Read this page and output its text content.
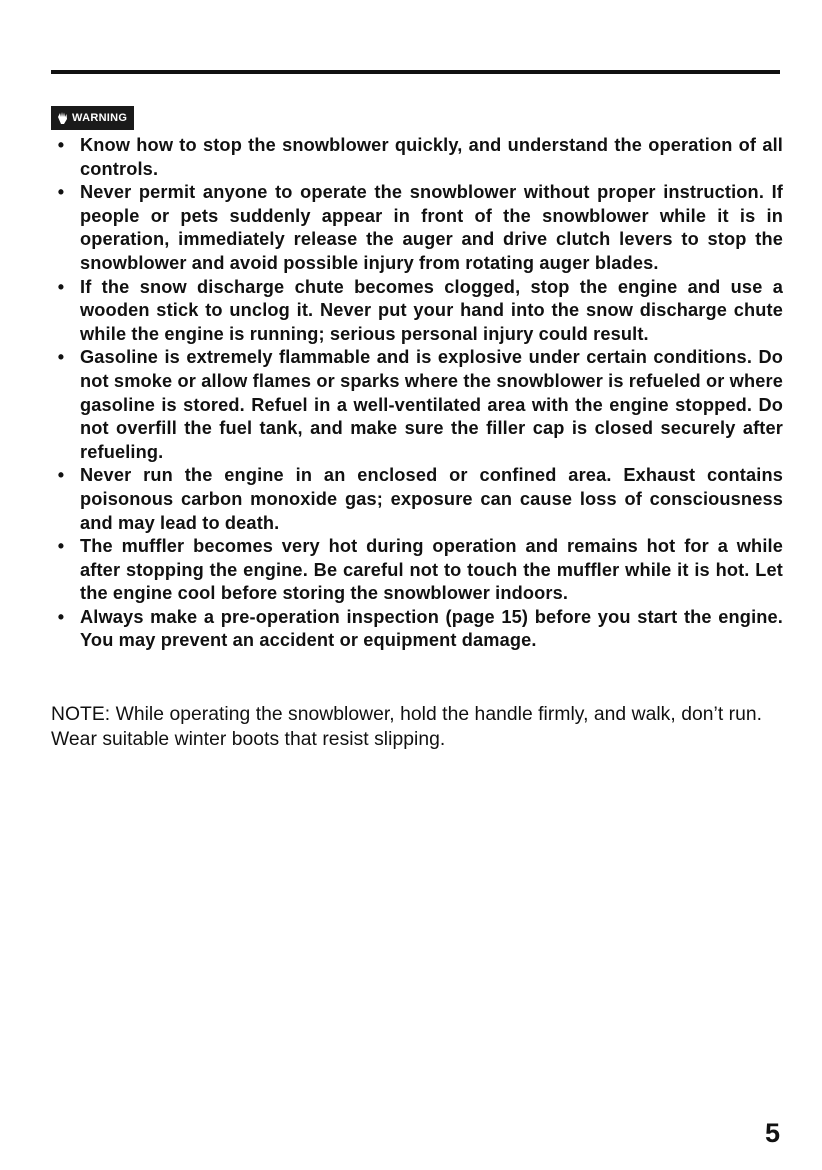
WARNING
• Know how to stop the snowblower quickly, and understand the operation of all controls.
• Never permit anyone to operate the snowblower without proper instruction. If people or pets suddenly appear in front of the snowblower while it is in operation, immediately release the auger and drive clutch levers to stop the snowblower and avoid possible injury from rotating auger blades.
• If the snow discharge chute becomes clogged, stop the engine and use a wooden stick to unclog it. Never put your hand into the snow discharge chute while the engine is running; serious personal injury could result.
• Gasoline is extremely flammable and is explosive under certain conditions. Do not smoke or allow flames or sparks where the snowblower is refueled or where gasoline is stored. Refuel in a well-ventilated area with the engine stopped. Do not overfill the fuel tank, and make sure the filler cap is closed securely after refueling.
• Never run the engine in an enclosed or confined area. Exhaust contains poisonous carbon monoxide gas; exposure can cause loss of consciousness and may lead to death.
• The muffler becomes very hot during operation and remains hot for a while after stopping the engine. Be careful not to touch the muffler while it is hot. Let the engine cool before storing the snowblower indoors.
• Always make a pre-operation inspection (page 15) before you start the engine. You may prevent an accident or equipment damage.

NOTE: While operating the snowblower, hold the handle firmly, and walk, don’t run. Wear suitable winter boots that resist slipping.

5
